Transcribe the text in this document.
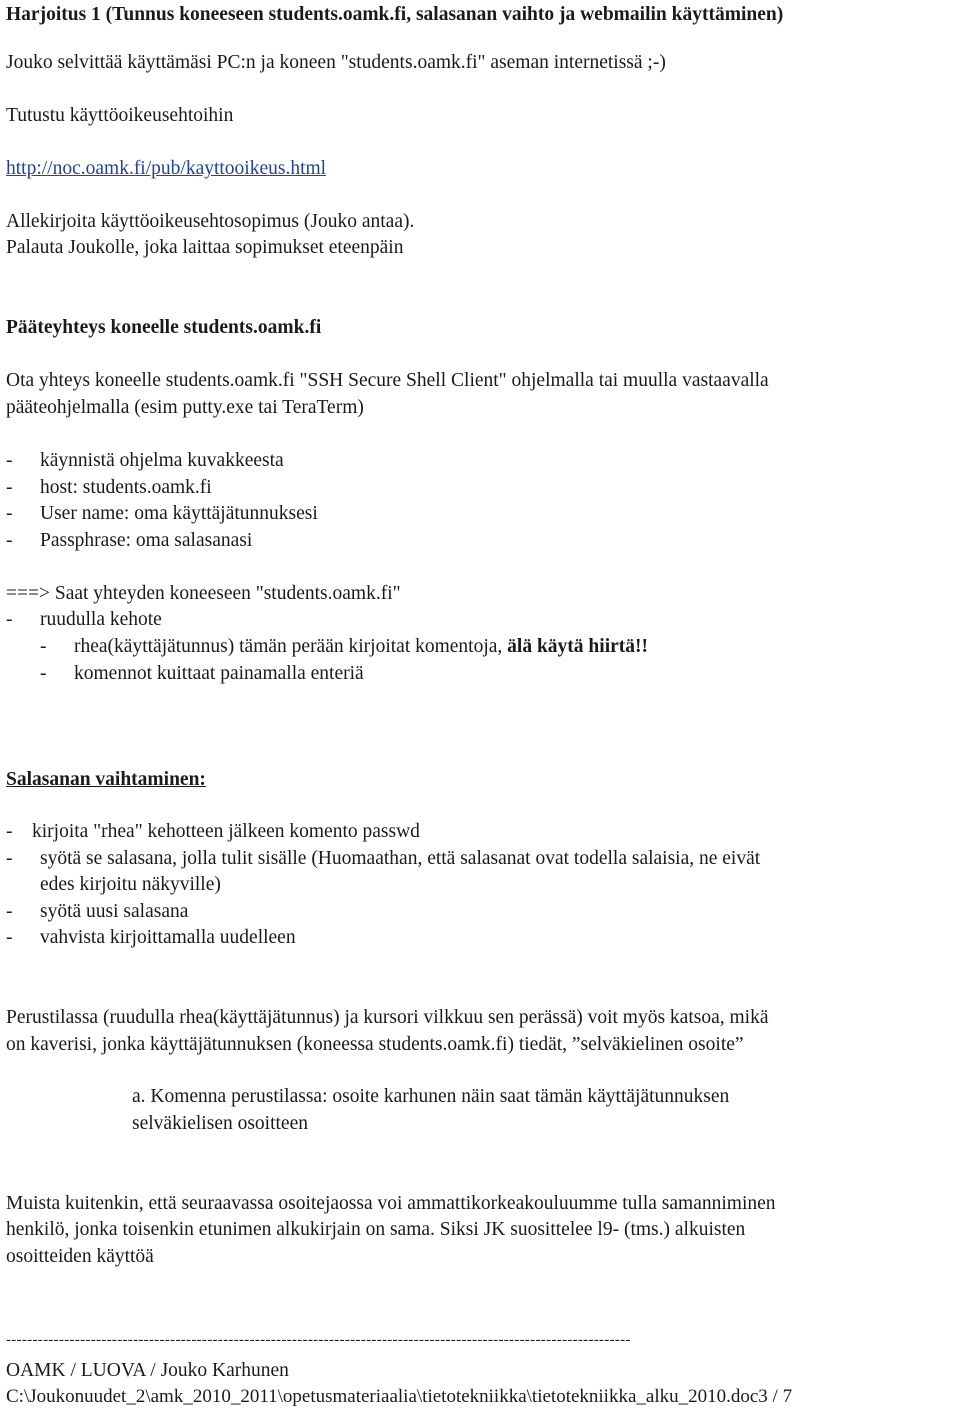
Harjoitus 1 (Tunnus koneeseen students.oamk.fi, salasanan vaihto ja webmailin käyttäminen)
Jouko selvittää käyttämäsi PC:n ja koneen "students.oamk.fi" aseman internetissä ;-)
Tutustu käyttöoikeusehtoihin
http://noc.oamk.fi/pub/kayttooikeus.html
Allekirjoita käyttöoikeusehtosopimus (Jouko antaa).
Palauta Joukolle, joka laittaa sopimukset eteenpäin
Pääteyhteys koneelle students.oamk.fi
Ota yhteys koneelle students.oamk.fi "SSH Secure Shell Client" ohjelmalla tai muulla vastaavalla
pääteohjelmalla (esim putty.exe tai TeraTerm)
- käynnistä ohjelma kuvakkeesta
- host: students.oamk.fi
- User name: oma käyttäjätunnuksesi
- Passphrase: oma salasanasi
===> Saat yhteyden koneeseen "students.oamk.fi"
- ruudulla kehote
- rhea(käyttäjätunnus) tämän perään kirjoitat komentoja, älä käytä hiirtä!!
- komennot kuittaat painamalla enteriä
Salasanan vaihtaminen:
- kirjoita "rhea" kehotteen jälkeen komento passwd
- syötä se salasana, jolla tulit sisälle (Huomaathan, että salasanat ovat todella salaisia, ne eivät
edes kirjoitu näkyville)
- syötä uusi salasana
- vahvista kirjoittamalla uudelleen
Perustilassa (ruudulla rhea(käyttäjätunnus) ja kursori vilkkuu sen perässä) voit myös katsoa, mikä
on kaverisi, jonka käyttäjätunnuksen (koneessa students.oamk.fi) tiedät, ”selväkielinen osoite”
a. Komenna perustilassa: osoite karhunen näin saat tämän käyttäjätunnuksen
selväkielisen osoitteen
Muista kuitenkin, että seuraavassa osoitejaossa voi ammattikorkeakouluumme tulla samanniminen
henkilö, jonka toisenkin etunimen alkukirjain on sama. Siksi JK suosittelee l9- (tms.) alkuisten
osoitteiden käyttöä
----------------------------------------------------------------------------------------------------------------------
OAMK / LUOVA / Jouko Karhunen
C:\Joukonuudet_2\amk_2010_2011\opetusmateriaalia\tietotekniikka\tietotekniikka_alku_2010.doc3 / 7
